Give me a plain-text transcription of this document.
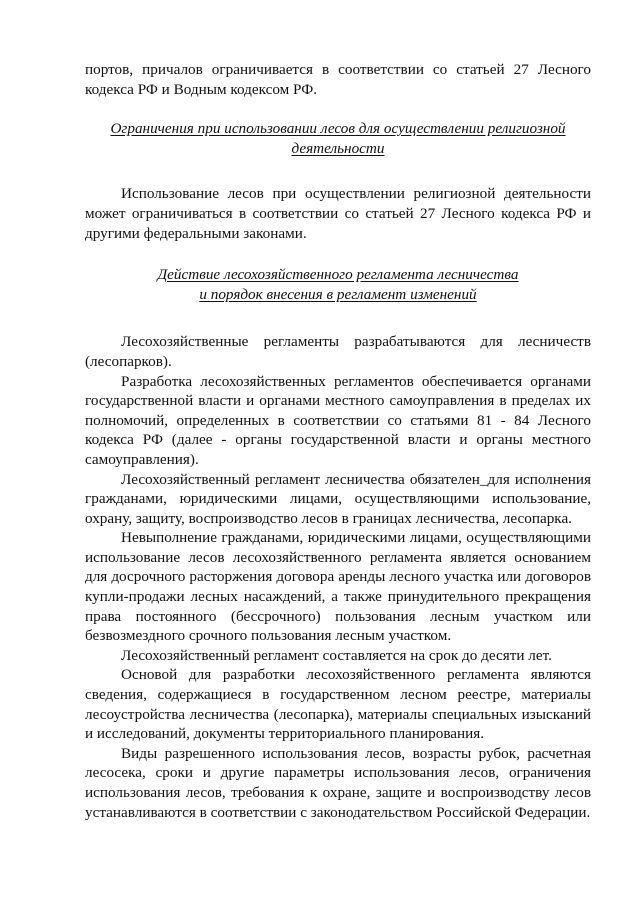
портов, причалов ограничивается в соответствии со статьей 27 Лесного кодекса РФ и Водным кодексом РФ.

Ограничения при использовании лесов для осуществлении религиозной деятельности

Использование лесов при осуществлении религиозной деятельности может ограничиваться в соответствии со статьей 27 Лесного кодекса РФ и другими федеральными законами.

Действие лесохозяйственного регламента лесничества

и порядок внесения в регламент изменений

Лесохозяйственные регламенты разрабатываются для лесничеств (лесопарков).

Разработка лесохозяйственных регламентов обеспечивается органами государственной власти и органами местного самоуправления в пределах их полномочий, определенных в соответствии со статьями 81 - 84 Лесного кодекса РФ (далее - органы государственной власти и органы местного самоуправления).

Лесохозяйственный регламент лесничества обязателен_для исполнения гражданами, юридическими лицами, осуществляющими использование, охрану, защиту, воспроизводство лесов в границах лесничества, лесопарка.

Невыполнение гражданами, юридическими лицами, осуществляющими использование лесов лесохозяйственного регламента является основанием для досрочного расторжения договора аренды лесного участка или договоров купли-продажи лесных насаждений, а также принудительного прекращения права постоянного (бессрочного) пользования лесным участком или безвозмездного срочного пользования лесным участком.

Лесохозяйственный регламент составляется на срок до десяти лет.

Основой для разработки лесохозяйственного регламента являются сведения, содержащиеся в государственном лесном реестре, материалы лесоустройства лесничества (лесопарка), материалы специальных изысканий и исследований, документы территориального планирования.

Виды разрешенного использования лесов, возрасты рубок, расчетная лесосека, сроки и другие параметры использования лесов, ограничения использования лесов, требования к охране, защите и воспроизводству лесов устанавливаются в соответствии с законодательством Российской Федерации.
